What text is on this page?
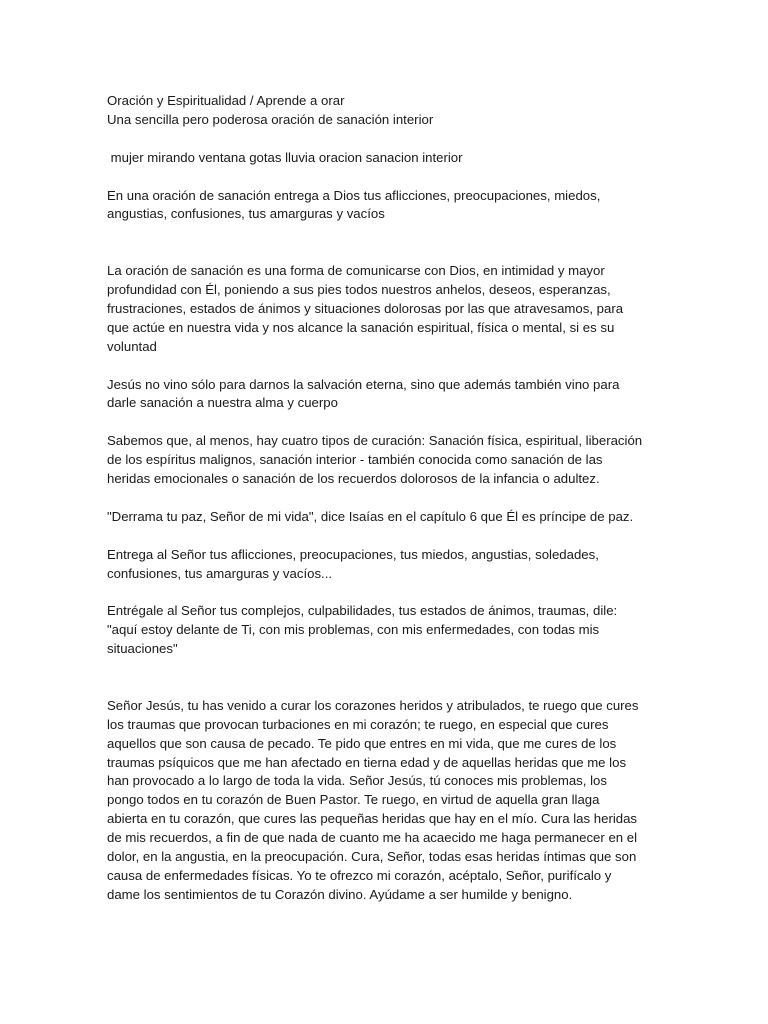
Oración y Espiritualidad / Aprende a orar
Una sencilla pero poderosa oración de sanación interior
mujer mirando ventana gotas lluvia oracion sanacion interior
En una oración de sanación entrega a Dios tus aflicciones, preocupaciones, miedos,
angustias, confusiones, tus amarguras y vacíos
La oración de sanación es una forma de comunicarse con Dios, en intimidad y mayor
profundidad con Él, poniendo a sus pies todos nuestros anhelos, deseos, esperanzas,
frustraciones, estados de ánimos y situaciones dolorosas por las que atravesamos, para
que actúe en nuestra vida y nos alcance la sanación espiritual, física o mental, si es su
voluntad
Jesús no vino sólo para darnos la salvación eterna, sino que además también vino para
darle sanación a nuestra alma y cuerpo
Sabemos que, al menos, hay cuatro tipos de curación: Sanación física, espiritual, liberación
de los espíritus malignos, sanación interior - también conocida como sanación de las
heridas emocionales o sanación de los recuerdos dolorosos de la infancia o adultez.
"Derrama tu paz, Señor de mi vida", dice Isaías en el capítulo 6 que Él es príncipe de paz.
Entrega al Señor tus aflicciones, preocupaciones, tus miedos, angustias, soledades,
confusiones, tus amarguras y vacíos...
Entrégale al Señor tus complejos, culpabilidades, tus estados de ánimos, traumas, dile:
"aquí estoy delante de Ti, con mis problemas, con mis enfermedades, con todas mis
situaciones"
Señor Jesús, tu has venido a curar los corazones heridos y atribulados, te ruego que cures
los traumas que provocan turbaciones en mi corazón; te ruego, en especial que cures
aquellos que son causa de pecado. Te pido que entres en mi vida, que me cures de los
traumas psíquicos que me han afectado en tierna edad y de aquellas heridas que me los
han provocado a lo largo de toda la vida. Señor Jesús, tú conoces mis problemas, los
pongo todos en tu corazón de Buen Pastor. Te ruego, en virtud de aquella gran llaga
abierta en tu corazón, que cures las pequeñas heridas que hay en el mío. Cura las heridas
de mis recuerdos, a fin de que nada de cuanto me ha acaecido me haga permanecer en el
dolor, en la angustia, en la preocupación. Cura, Señor, todas esas heridas íntimas que son
causa de enfermedades físicas. Yo te ofrezco mi corazón, acéptalo, Señor, purifícalo y
dame los sentimientos de tu Corazón divino. Ayúdame a ser humilde y benigno.
